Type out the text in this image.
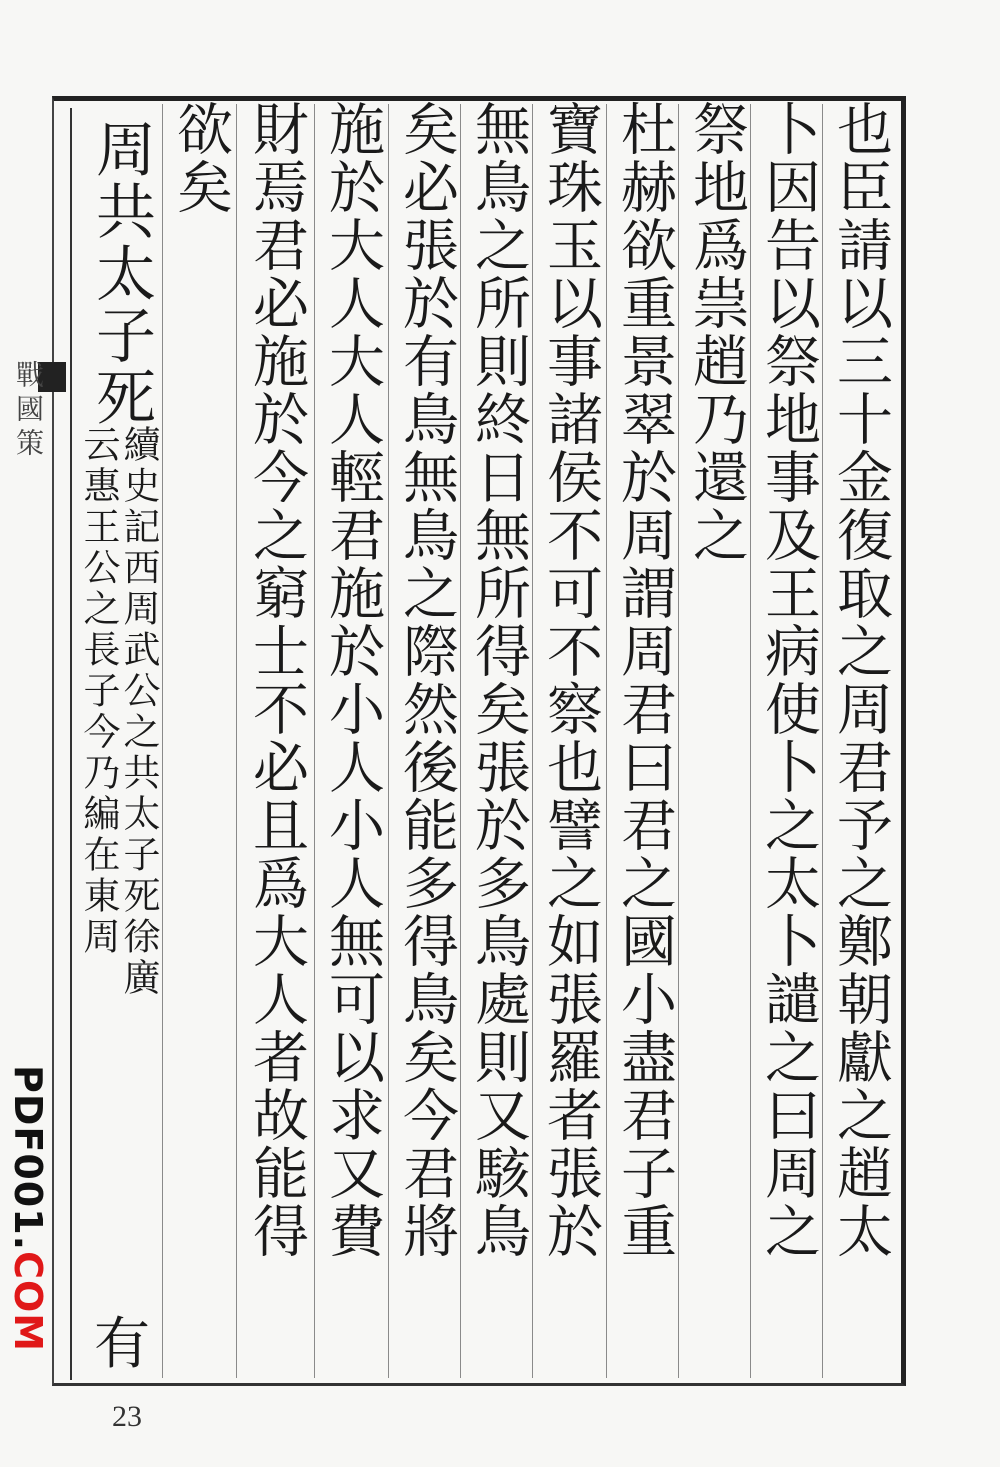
戰國策	也臣請以三十金復取之周君予之鄭朝獻之趙太
卜因告以祭地事及王病使卜之太卜譴之曰周之
祭地爲祟趙乃還之
杜赫欲重景翠於周謂周君曰君之國小盡君子重
寶珠玉以事諸侯不可不察也譬之如張羅者張於
無鳥之所則終日無所得矣張於多鳥處則又駭鳥
矣必張於有鳥無鳥之際然後能多得鳥矣今君將
施於大人大人輕君施於小人小人無可以求又費
財焉君必施於今之窮士不必且爲大人者故能得
欲矣
周共太子死
續史記西周武公之共太子死徐廣
云惠王公之長子今乃編在東周
有
PDF001.COM
23
